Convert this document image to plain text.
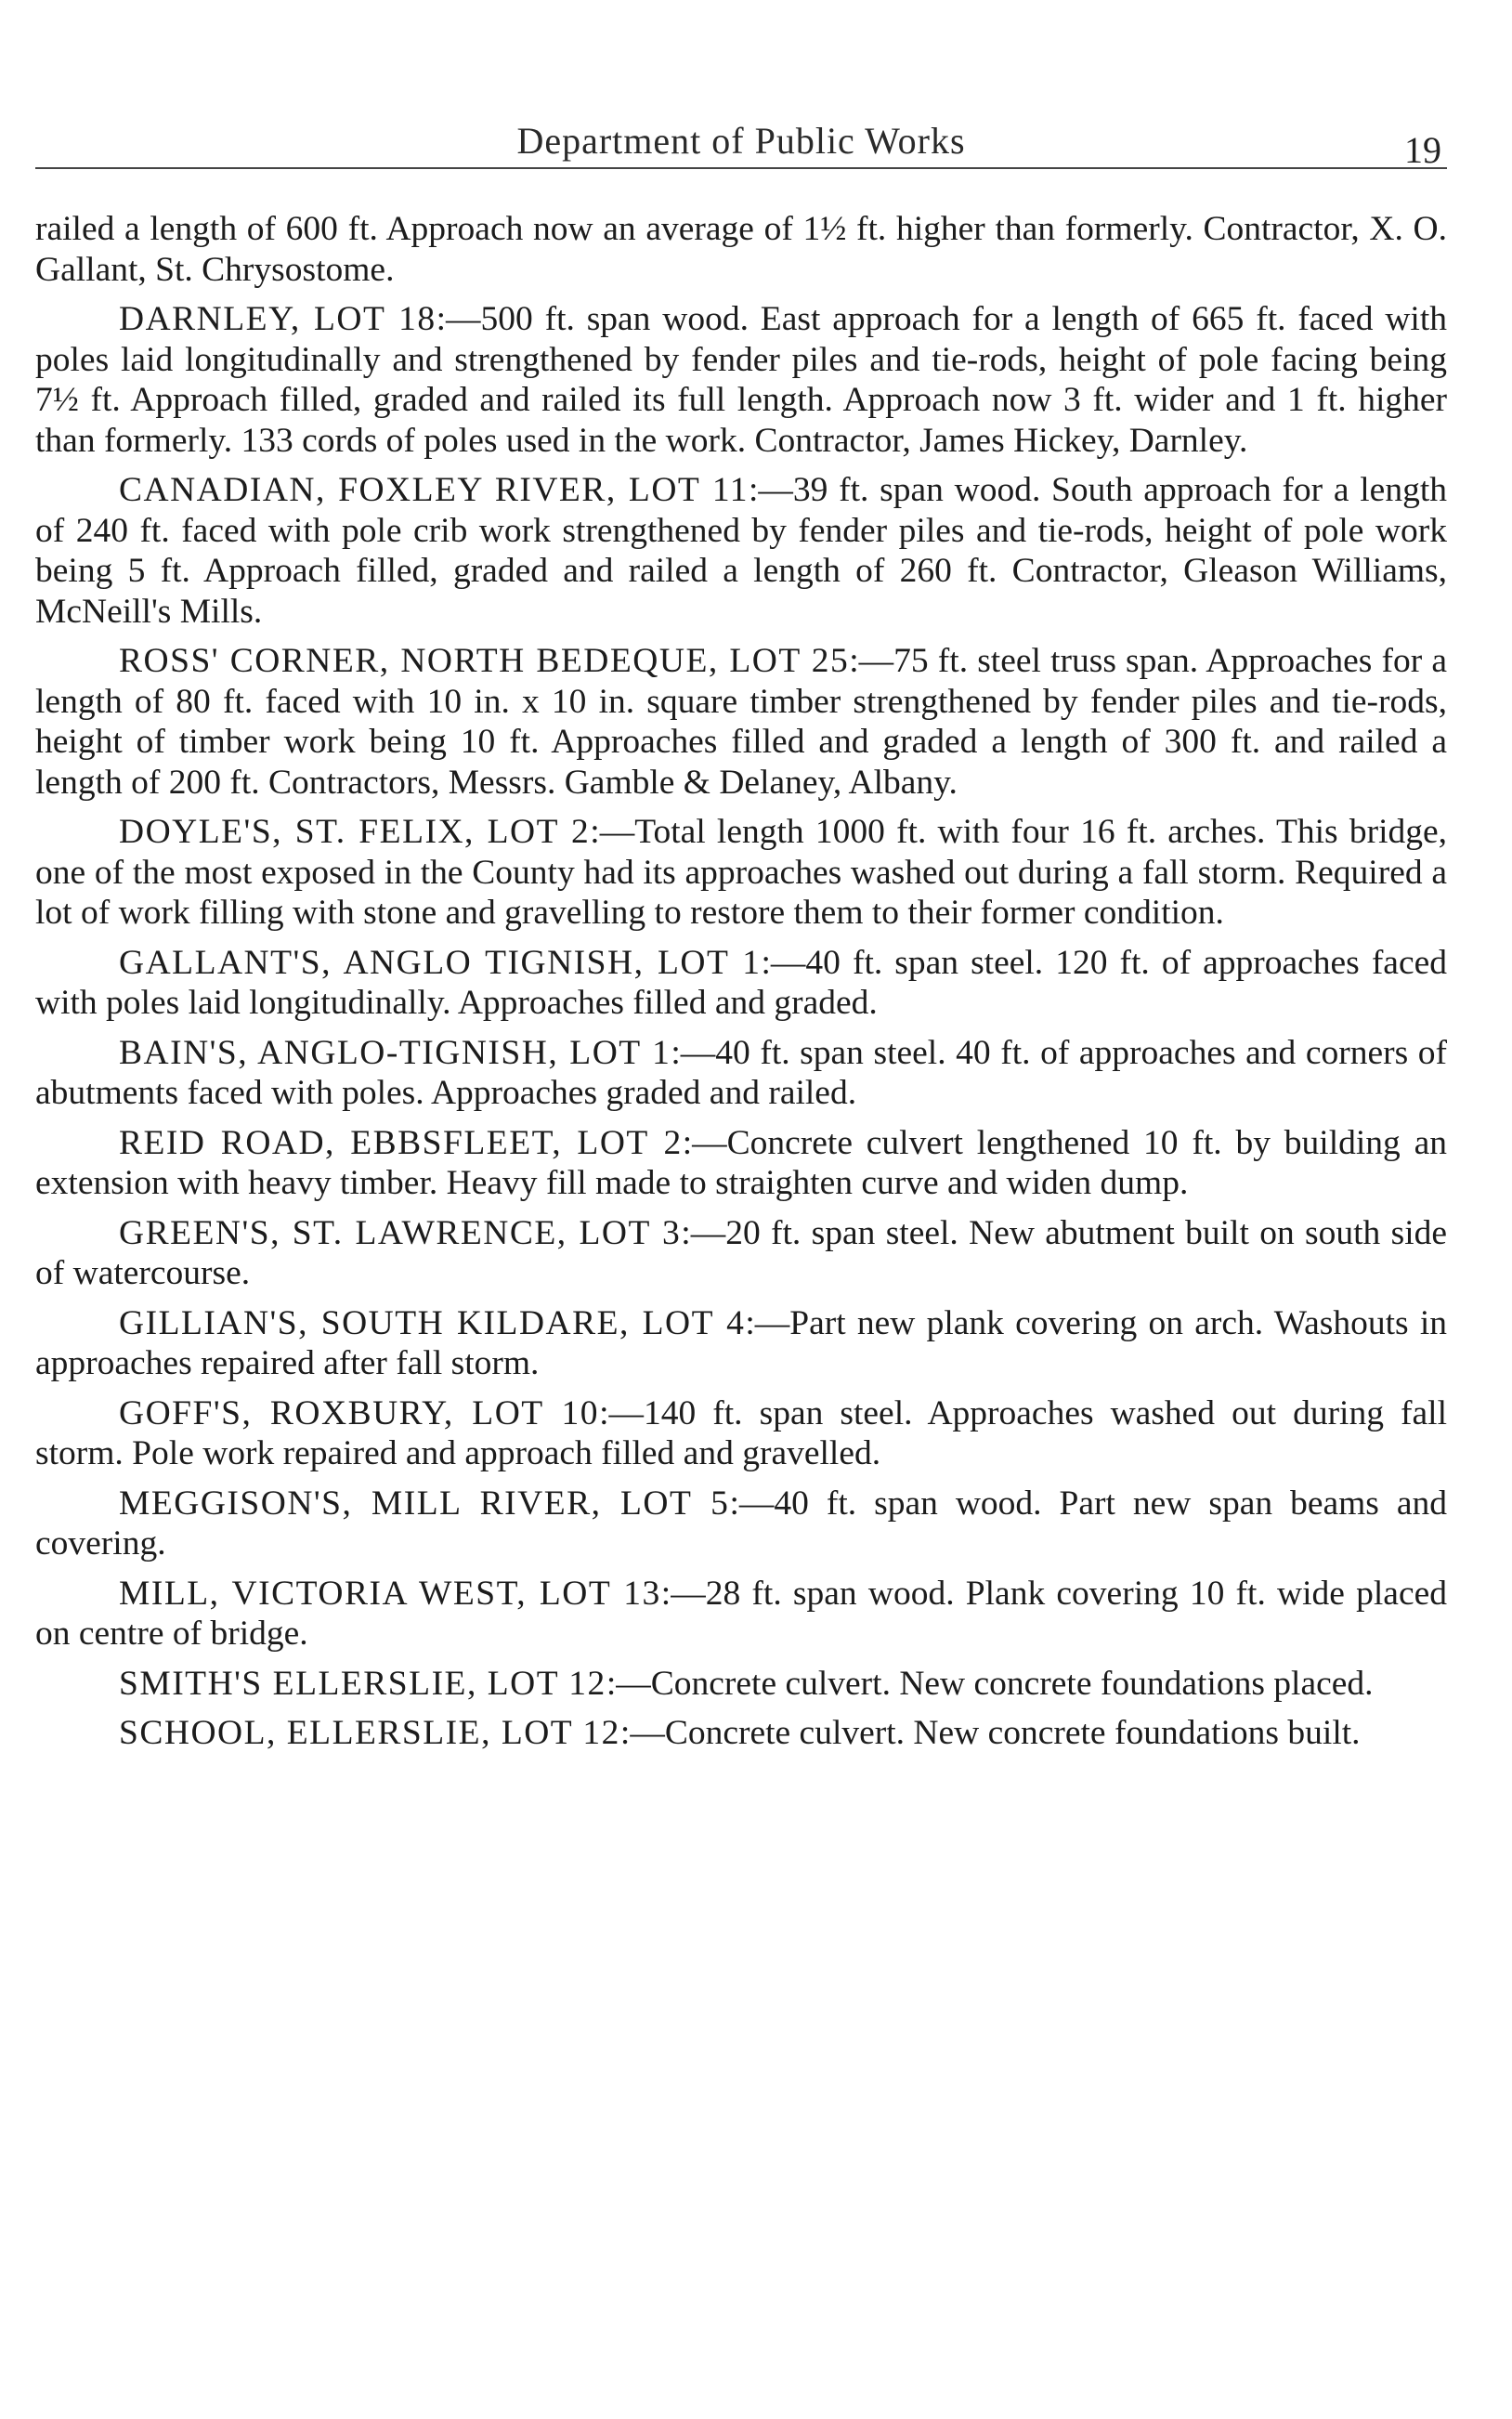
Department of Public Works	19

railed a length of 600 ft. Approach now an average of 1½ ft. higher than formerly. Contractor, X. O. Gallant, St. Chrysostome.

DARNLEY, LOT 18:—500 ft. span wood. East approach for a length of 665 ft. faced with poles laid longitudinally and strengthened by fender piles and tie-rods, height of pole facing being 7½ ft. Approach filled, graded and railed its full length. Approach now 3 ft. wider and 1 ft. higher than formerly. 133 cords of poles used in the work. Contractor, James Hickey, Darnley.

CANADIAN, FOXLEY RIVER, LOT 11:—39 ft. span wood. South approach for a length of 240 ft. faced with pole crib work strengthened by fender piles and tie-rods, height of pole work being 5 ft. Approach filled, graded and railed a length of 260 ft. Contractor, Gleason Williams, McNeill's Mills.

ROSS' CORNER, NORTH BEDEQUE, LOT 25:—75 ft. steel truss span. Approaches for a length of 80 ft. faced with 10 in. x 10 in. square timber strengthened by fender piles and tie-rods, height of timber work being 10 ft. Approaches filled and graded a length of 300 ft. and railed a length of 200 ft. Contractors, Messrs. Gamble & Delaney, Albany.

DOYLE'S, ST. FELIX, LOT 2:—Total length 1000 ft. with four 16 ft. arches. This bridge, one of the most exposed in the County had its approaches washed out during a fall storm. Required a lot of work filling with stone and gravelling to restore them to their former condition.

GALLANT'S, ANGLO TIGNISH, LOT 1:—40 ft. span steel. 120 ft. of approaches faced with poles laid longitudinally. Approaches filled and graded.

BAIN'S, ANGLO-TIGNISH, LOT 1:—40 ft. span steel. 40 ft. of approaches and corners of abutments faced with poles. Approaches graded and railed.

REID ROAD, EBBSFLEET, LOT 2:—Concrete culvert lengthened 10 ft. by building an extension with heavy timber. Heavy fill made to straighten curve and widen dump.

GREEN'S, ST. LAWRENCE, LOT 3:—20 ft. span steel. New abutment built on south side of watercourse.

GILLIAN'S, SOUTH KILDARE, LOT 4:—Part new plank covering on arch. Washouts in approaches repaired after fall storm.

GOFF'S, ROXBURY, LOT 10:—140 ft. span steel. Approaches washed out during fall storm. Pole work repaired and approach filled and gravelled.

MEGGISON'S, MILL RIVER, LOT 5:—40 ft. span wood. Part new span beams and covering.

MILL, VICTORIA WEST, LOT 13:—28 ft. span wood. Plank covering 10 ft. wide placed on centre of bridge.

SMITH'S ELLERSLIE, LOT 12:—Concrete culvert. New concrete foundations placed.

SCHOOL, ELLERSLIE, LOT 12:—Concrete culvert. New concrete foundations built.
